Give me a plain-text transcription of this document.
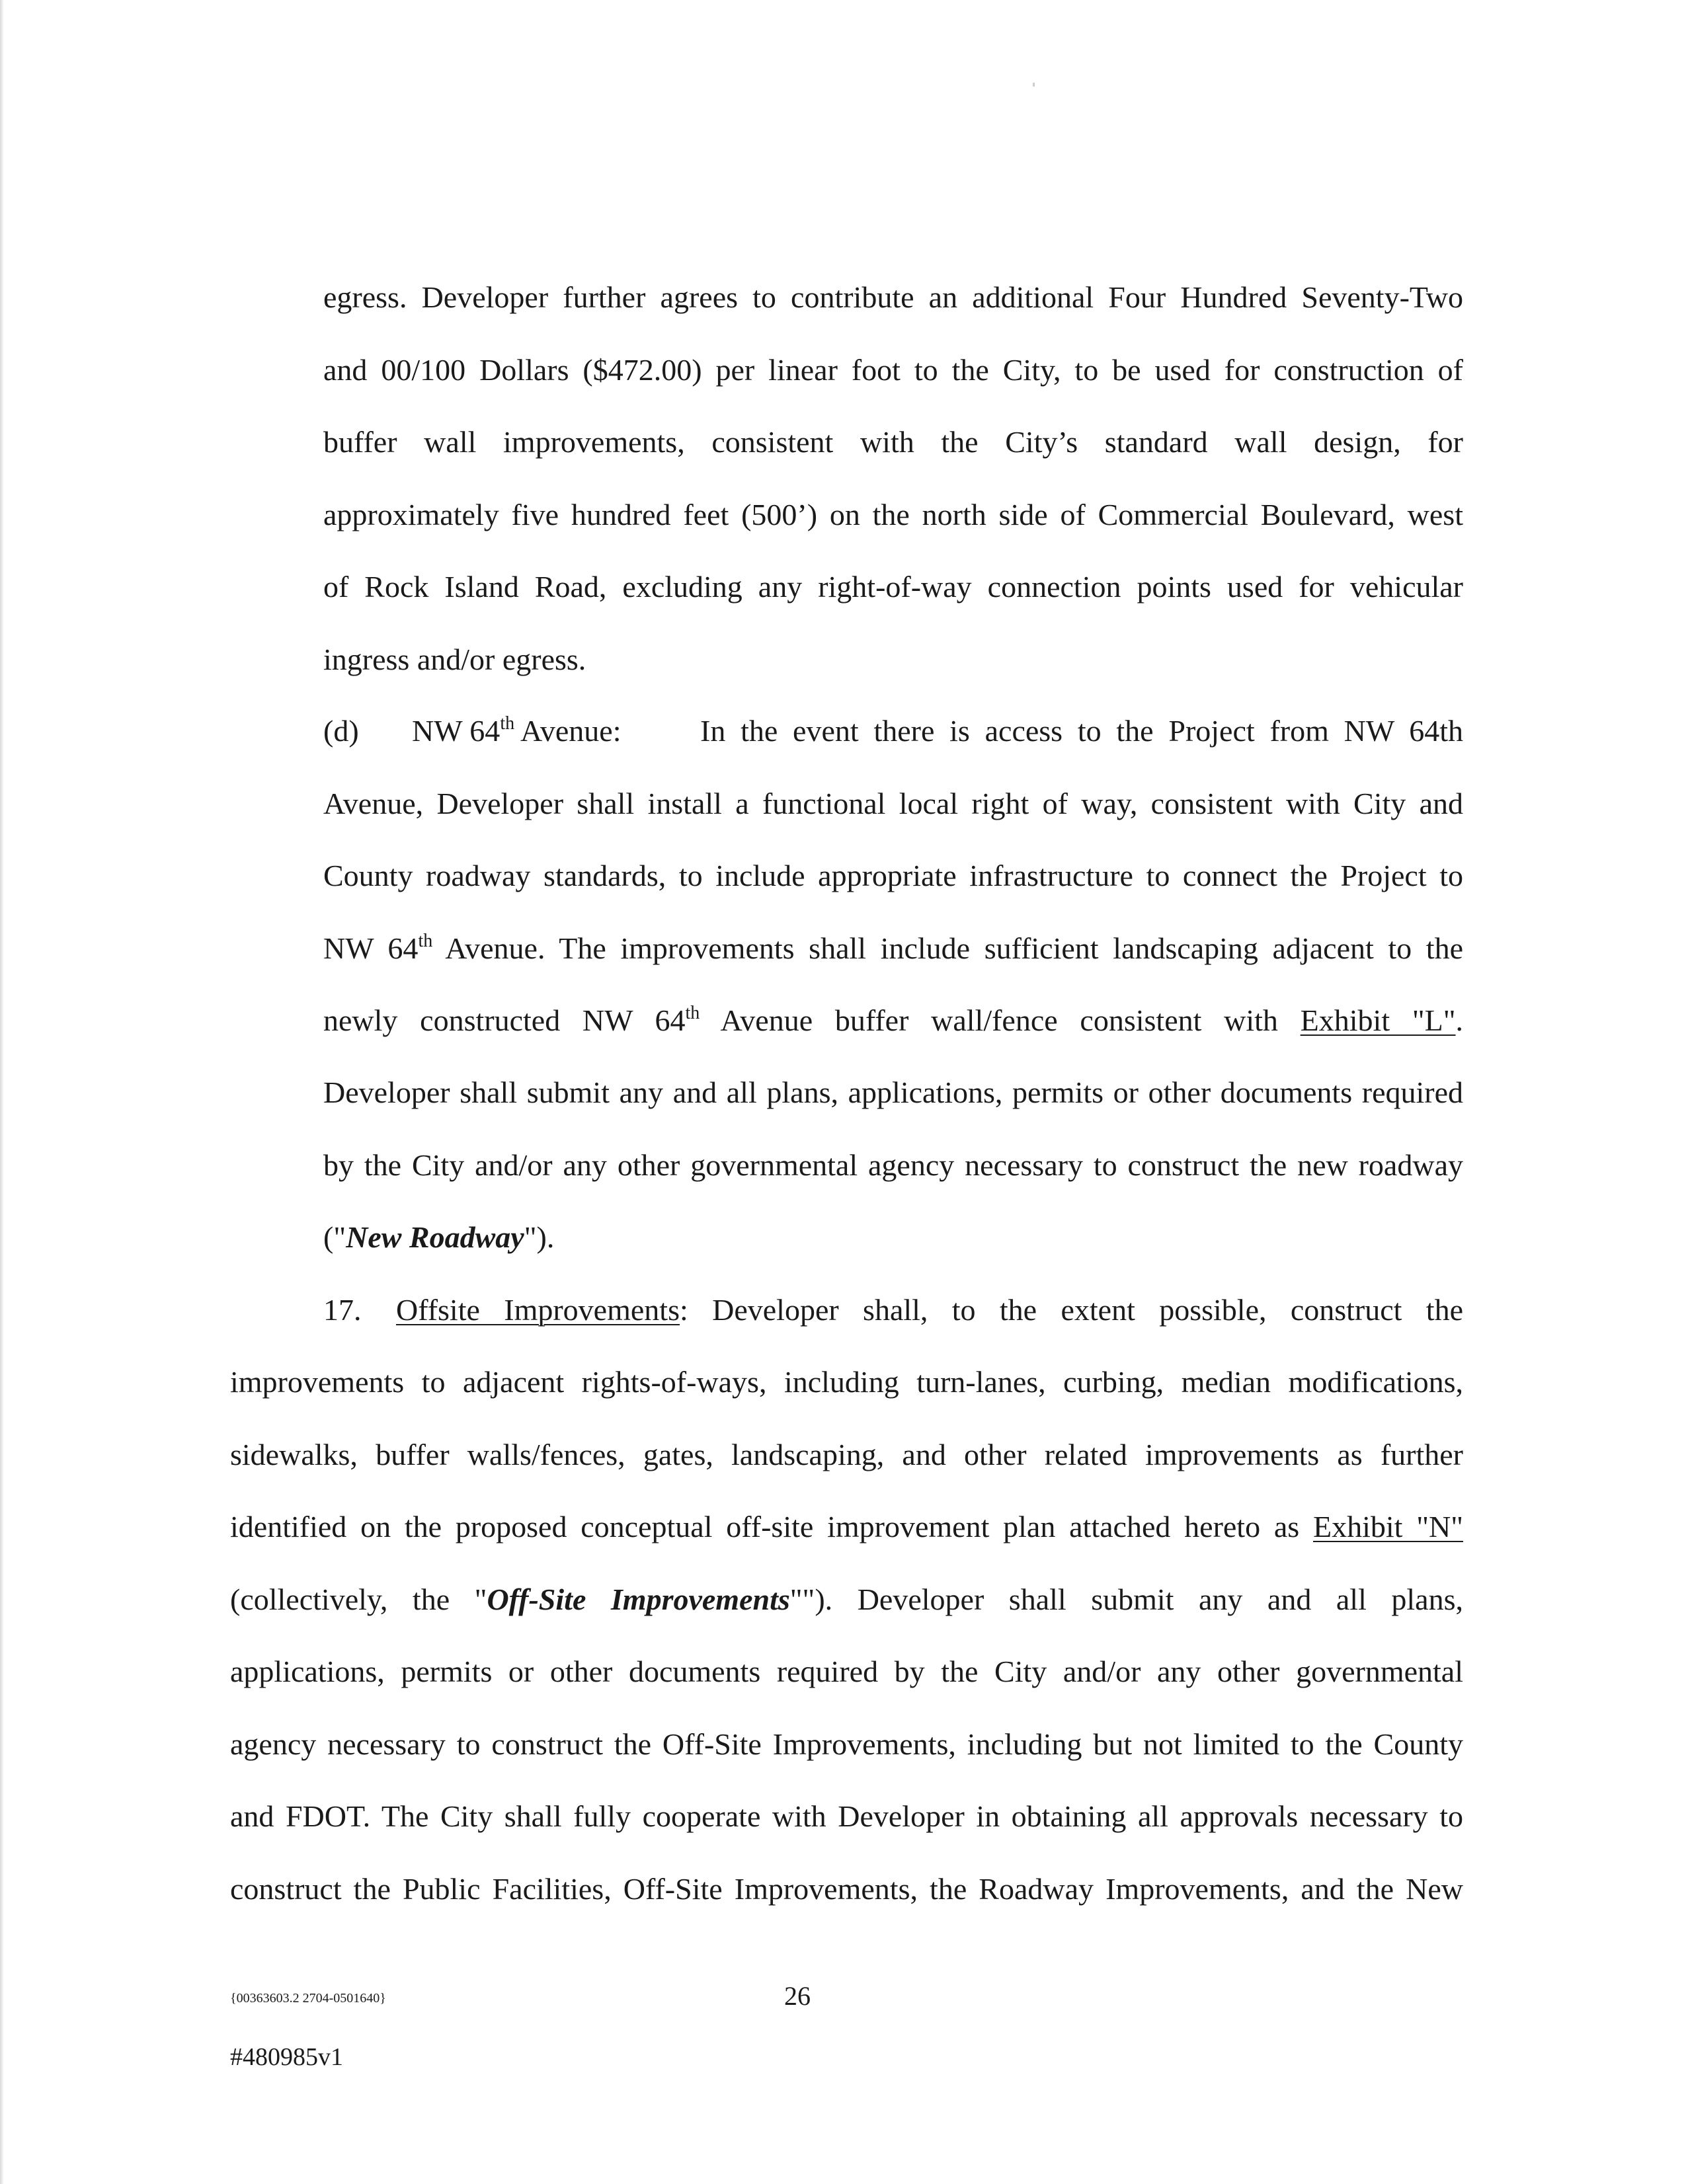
egress. Developer further agrees to contribute an additional Four Hundred Seventy-Two
and 00/100 Dollars ($472.00) per linear foot to the City, to be used for construction of
buffer wall improvements, consistent with the City’s standard wall design, for
approximately five hundred feet (500’) on the north side of Commercial Boulevard, west
of Rock Island Road, excluding any right-of-way connection points used for vehicular
ingress and/or egress.
(d) NW 64th Avenue:	In the event there is access to the Project from NW 64th
Avenue, Developer shall install a functional local right of way, consistent with City and
County roadway standards, to include appropriate infrastructure to connect the Project to
NW 64th Avenue. The improvements shall include sufficient landscaping adjacent to the
newly constructed NW 64th Avenue buffer wall/fence consistent with Exhibit "L".
Developer shall submit any and all plans, applications, permits or other documents required
by the City and/or any other governmental agency necessary to construct the new roadway
("New Roadway").
17. Offsite Improvements: Developer shall, to the extent possible, construct the
improvements to adjacent rights-of-ways, including turn-lanes, curbing, median modifications,
sidewalks, buffer walls/fences, gates, landscaping, and other related improvements as further
identified on the proposed conceptual off-site improvement plan attached hereto as Exhibit "N"
(collectively, the "Off-Site Improvements""). Developer shall submit any and all plans,
applications, permits or other documents required by the City and/or any other governmental
agency necessary to construct the Off-Site Improvements, including but not limited to the County
and FDOT. The City shall fully cooperate with Developer in obtaining all approvals necessary to
construct the Public Facilities, Off-Site Improvements, the Roadway Improvements, and the New
{00363603.2 2704-0501640}	26
#480985v1
